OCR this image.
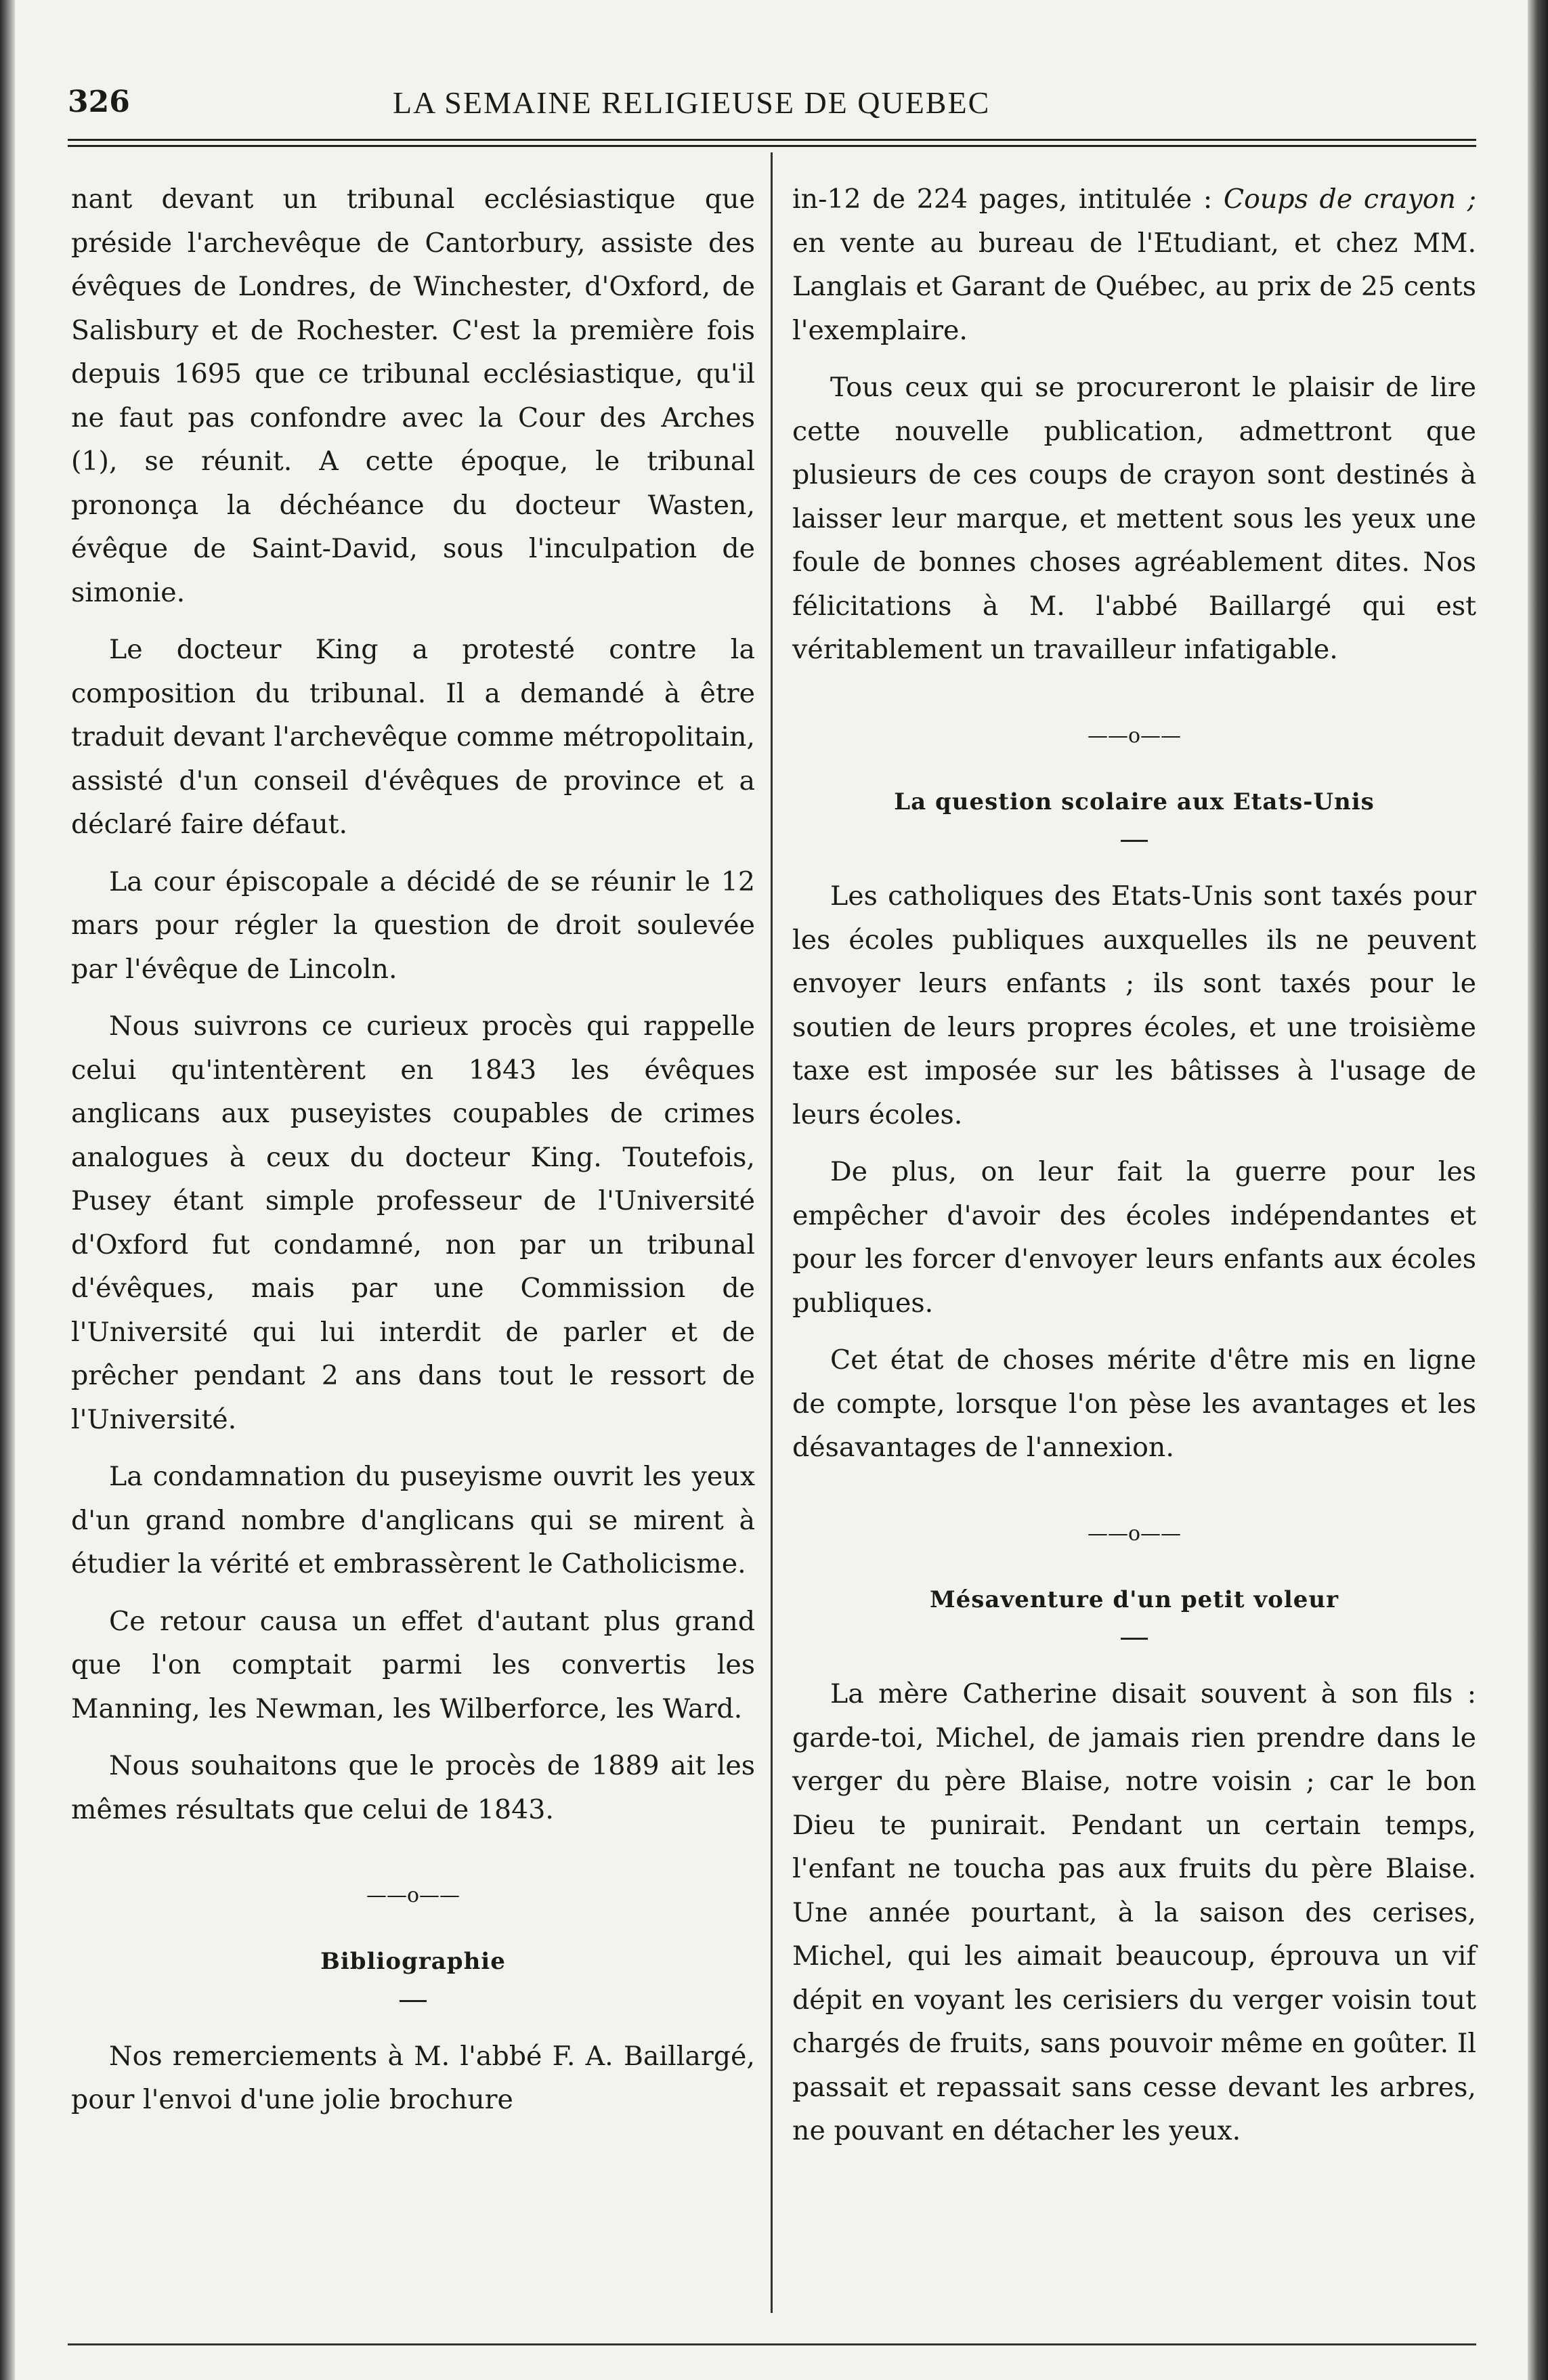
326	LA SEMAINE RELIGIEUSE DE QUEBEC

nant devant un tribunal ecclésiastique que préside l'archevêque de Cantorbury, assiste des évêques de Londres, de Winchester, d'Oxford, de Salisbury et de Rochester. C'est la première fois depuis 1695 que ce tribunal ecclésiastique, qu'il ne faut pas confondre avec la Cour des Arches (1), se réunit. A cette époque, le tribunal prononça la déchéance du docteur Wasten, évêque de Saint-David, sous l'inculpation de simonie.

Le docteur King a protesté contre la composition du tribunal. Il a demandé à être traduit devant l'archevêque comme métropolitain, assisté d'un conseil d'évêques de province et a déclaré faire défaut.

La cour épiscopale a décidé de se réunir le 12 mars pour régler la question de droit soulevée par l'évêque de Lincoln.

Nous suivrons ce curieux procès qui rappelle celui qu'intentèrent en 1843 les évêques anglicans aux puseyistes coupables de crimes analogues à ceux du docteur King. Toutefois, Pusey étant simple professeur de l'Université d'Oxford fut condamné, non par un tribunal d'évêques, mais par une Commission de l'Université qui lui interdit de parler et de prêcher pendant 2 ans dans tout le ressort de l'Université.

La condamnation du puseyisme ouvrit les yeux d'un grand nombre d'anglicans qui se mirent à étudier la vérité et embrassèrent le Catholicisme.

Ce retour causa un effet d'autant plus grand que l'on comptait parmi les convertis les Manning, les Newman, les Wilberforce, les Ward.

Nous souhaitons que le procès de 1889 ait les mêmes résultats que celui de 1843.

——o——
Bibliographie

Nos remerciements à M. l'abbé F. A. Baillargé, pour l'envoi d'une jolie brochure

in-12 de 224 pages, intitulée : Coups de crayon ; en vente au bureau de l'Etudiant, et chez MM. Langlais et Garant de Québec, au prix de 25 cents l'exemplaire.

Tous ceux qui se procureront le plaisir de lire cette nouvelle publication, admettront que plusieurs de ces coups de crayon sont destinés à laisser leur marque, et mettent sous les yeux une foule de bonnes choses agréablement dites. Nos félicitations à M. l'abbé Baillargé qui est véritablement un travailleur infatigable.

——o——
La question scolaire aux Etats-Unis

Les catholiques des Etats-Unis sont taxés pour les écoles publiques auxquelles ils ne peuvent envoyer leurs enfants ; ils sont taxés pour le soutien de leurs propres écoles, et une troisième taxe est imposée sur les bâtisses à l'usage de leurs écoles.

De plus, on leur fait la guerre pour les empêcher d'avoir des écoles indépendantes et pour les forcer d'envoyer leurs enfants aux écoles publiques.

Cet état de choses mérite d'être mis en ligne de compte, lorsque l'on pèse les avantages et les désavantages de l'annexion.

——o——
Mésaventure d'un petit voleur

La mère Catherine disait souvent à son fils : garde-toi, Michel, de jamais rien prendre dans le verger du père Blaise, notre voisin ; car le bon Dieu te punirait. Pendant un certain temps, l'enfant ne toucha pas aux fruits du père Blaise. Une année pourtant, à la saison des cerises, Michel, qui les aimait beaucoup, éprouva un vif dépit en voyant les cerisiers du verger voisin tout chargés de fruits, sans pouvoir même en goûter. Il passait et repassait sans cesse devant les arbres, ne pouvant en détacher les yeux.
